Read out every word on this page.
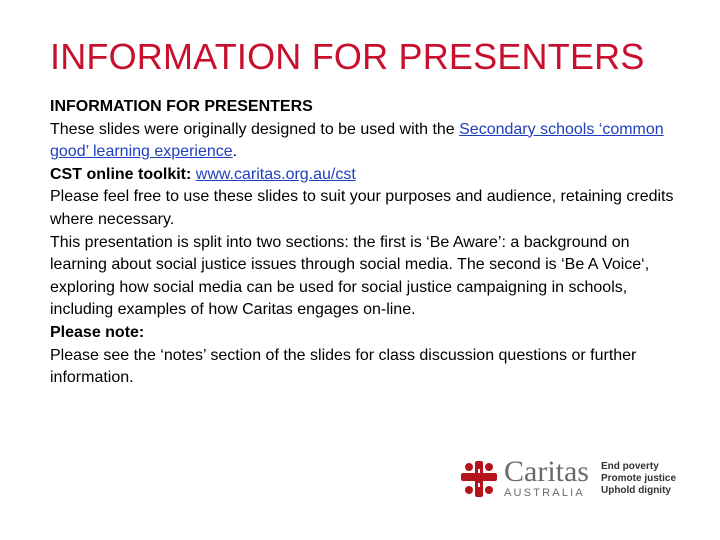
INFORMATION FOR PRESENTERS

INFORMATION FOR PRESENTERS

These slides were originally designed to be used with the Secondary schools ‘common good’ learning experience.

CST online toolkit: www.caritas.org.au/cst

Please feel free to use these slides to suit your purposes and audience, retaining credits where necessary.

This presentation is split into two sections: the first is ‘Be Aware’: a background on learning about social justice issues through social media. The second is ‘Be A Voice‘, exploring how social media can be used for social justice campaigning in schools, including examples of how Caritas engages on-line.

Please note:

Please see the ‘notes’ section of the slides for class discussion questions or further information.

Caritas
AUSTRALIA
End poverty
Promote justice
Uphold dignity
